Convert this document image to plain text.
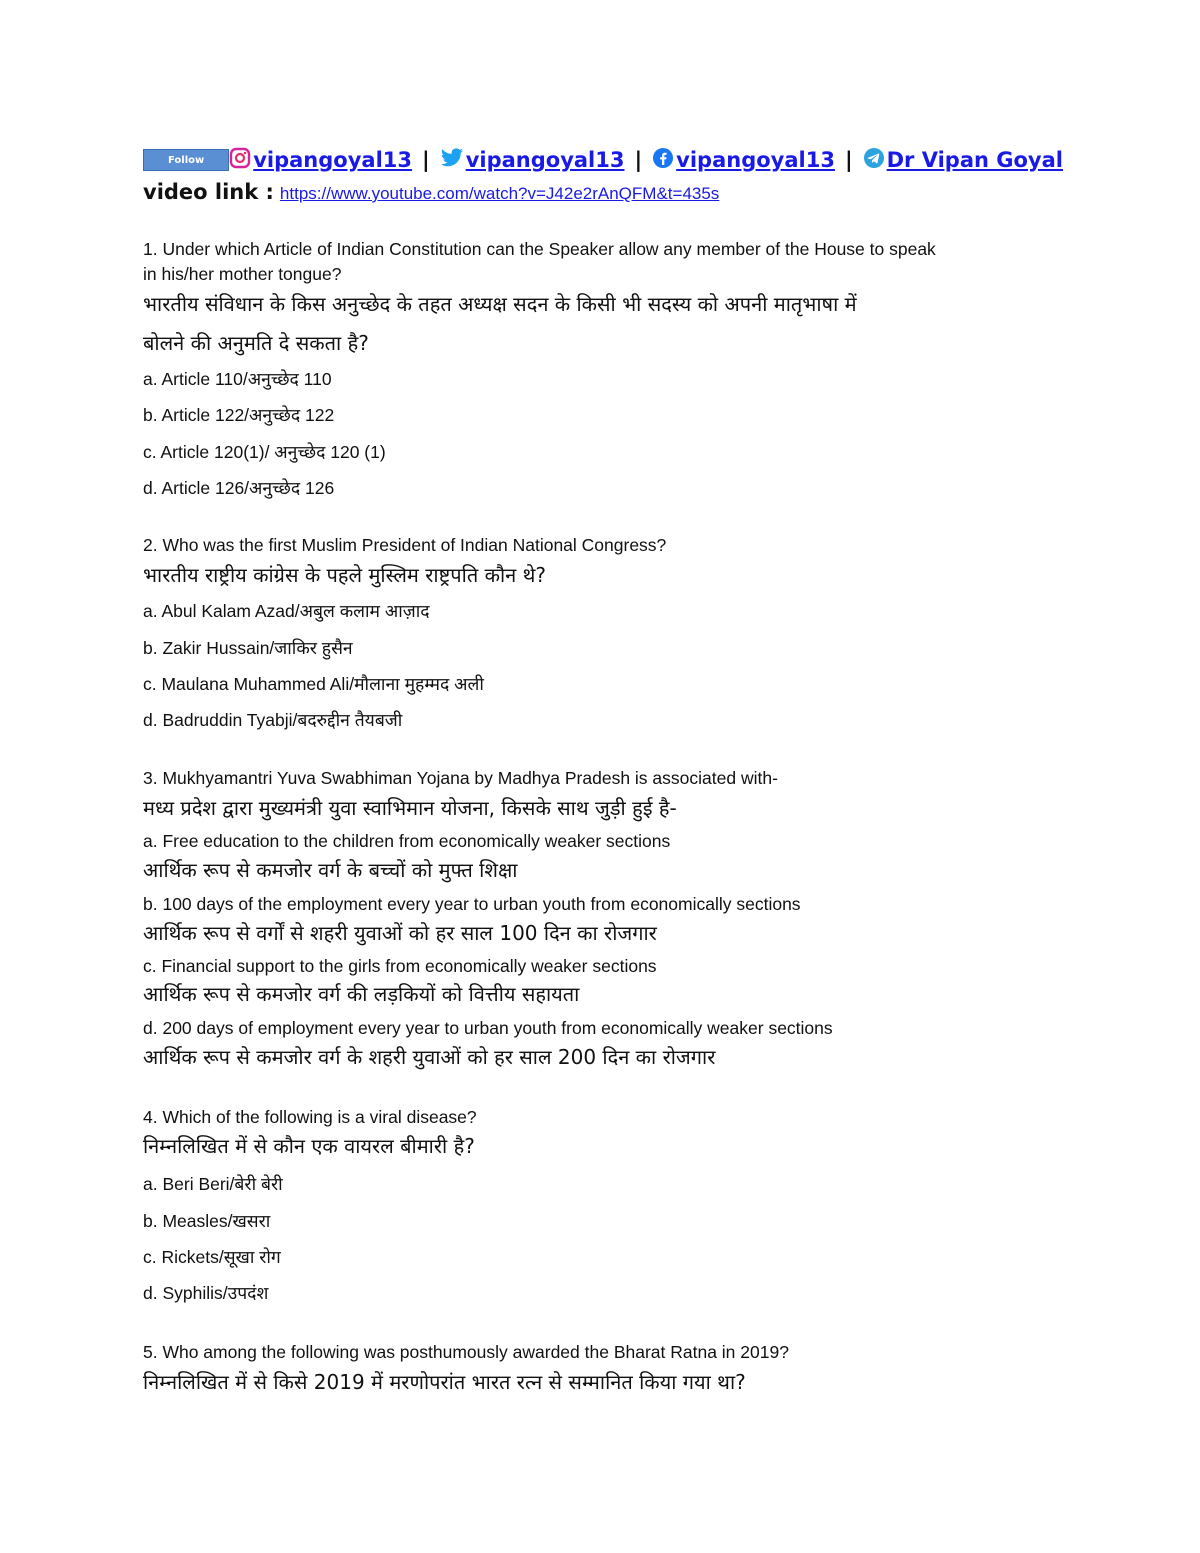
Follow	vipangoyal13 | vipangoyal13 | vipangoyal13 | Dr Vipan Goyal
video link : https://www.youtube.com/watch?v=J42e2rAnQFM&t=435s
1. Under which Article of Indian Constitution can the Speaker allow any member of the House to speak
in his/her mother tongue?
भारतीय संविधान के किस अनुच्छेद के तहत अध्यक्ष सदन के किसी भी सदस्य को अपनी मातृभाषा में
बोलने की अनुमति दे सकता है?
a. Article 110/अनुच्छेद 110
b. Article 122/अनुच्छेद 122
c. Article 120(1)/ अनुच्छेद 120 (1)
d. Article 126/अनुच्छेद 126
2. Who was the first Muslim President of Indian National Congress?
भारतीय राष्ट्रीय कांग्रेस के पहले मुस्लिम राष्ट्रपति कौन थे?
a. Abul Kalam Azad/अबुल कलाम आज़ाद
b. Zakir Hussain/जाकिर हुसैन
c. Maulana Muhammed Ali/मौलाना मुहम्मद अली
d. Badruddin Tyabji/बदरुद्दीन तैयबजी
3. Mukhyamantri Yuva Swabhiman Yojana by Madhya Pradesh is associated with-
मध्य प्रदेश द्वारा मुख्यमंत्री युवा स्वाभिमान योजना, किसके साथ जुड़ी हुई है-
a. Free education to the children from economically weaker sections
आर्थिक रूप से कमजोर वर्ग के बच्चों को मुफ्त शिक्षा
b. 100 days of the employment every year to urban youth from economically sections
आर्थिक रूप से वर्गों से शहरी युवाओं को हर साल 100 दिन का रोजगार
c. Financial support to the girls from economically weaker sections
आर्थिक रूप से कमजोर वर्ग की लड़कियों को वित्तीय सहायता
d. 200 days of employment every year to urban youth from economically weaker sections
आर्थिक रूप से कमजोर वर्ग के शहरी युवाओं को हर साल 200 दिन का रोजगार
4. Which of the following is a viral disease?
निम्नलिखित में से कौन एक वायरल बीमारी है?
a. Beri Beri/बेरी बेरी
b. Measles/खसरा
c. Rickets/सूखा रोग
d. Syphilis/उपदंश
5. Who among the following was posthumously awarded the Bharat Ratna in 2019?
निम्नलिखित में से किसे 2019 में मरणोपरांत भारत रत्न से सम्मानित किया गया था?
